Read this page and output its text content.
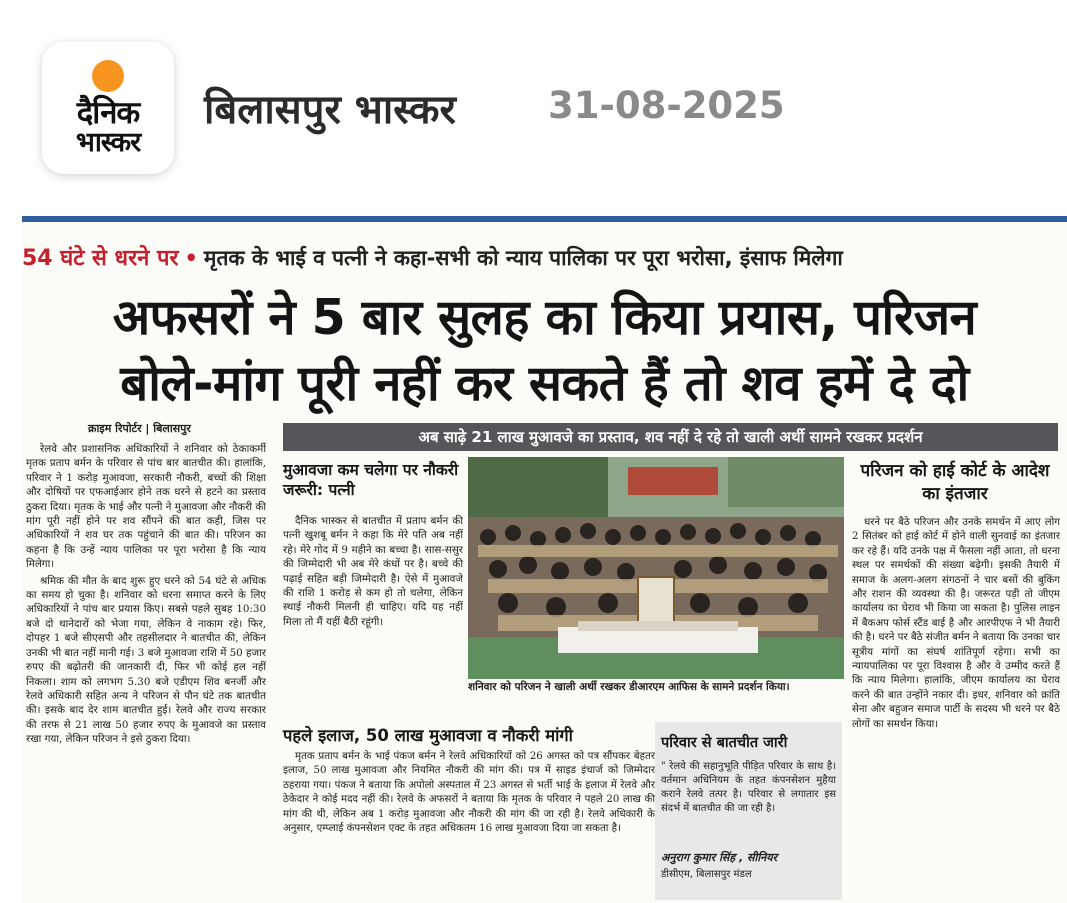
दैनिक
भास्कर
बिलासपुर भास्कर 31-08-2025
54 घंटे से धरने पर • मृतक के भाई व पत्नी ने कहा-सभी को न्याय पालिका पर पूरा भरोसा, इंसाफ मिलेगा
अफसरों ने 5 बार सुलह का किया प्रयास, परिजन
बोले-मांग पूरी नहीं कर सकते हैं तो शव हमें दे दो
क्राइम रिपोर्टर | बिलासपुर

रेलवे और प्रशासनिक अधिकारियों ने शनिवार को ठेकाकर्मी मृतक प्रताप बर्मन के परिवार से पांच बार बातचीत की। हालांकि, परिवार ने 1 करोड़ मुआवजा, सरकारी नौकरी, बच्चों की शिक्षा और दोषियों पर एफआईआर होने तक धरने से हटने का प्रस्ताव ठुकरा दिया। मृतक के भाई और पत्नी ने मुआवजा और नौकरी की मांग पूरी नहीं होने पर शव सौंपने की बात कही, जिस पर अधिकारियों ने शव घर तक पहुंचाने की बात की। परिजन का कहना है कि उन्हें न्याय पालिका पर पूरा भरोसा है कि न्याय मिलेगा।

श्रमिक की मौत के बाद शुरू हुए धरने को 54 घंटे से अधिक का समय हो चुका है। शनिवार को धरना समाप्त करने के लिए अधिकारियों ने पांच बार प्रयास किए। सबसे पहले सुबह 10:30 बजे दो थानेदारों को भेजा गया, लेकिन वे नाकाम रहे। फिर, दोपहर 1 बजे सीएसपी और तहसीलदार ने बातचीत की, लेकिन उनकी भी बात नहीं मानी गई। 3 बजे मुआवजा राशि में 50 हजार रुपए की बढ़ोतरी की जानकारी दी, फिर भी कोई हल नहीं निकला। शाम को लगभग 5.30 बजे एडीएम शिव बनर्जी और रेलवे अधिकारी सहित अन्य ने परिजन से पौन घंटे तक बातचीत की। इसके बाद देर शाम बातचीत हुई। रेलवे और राज्य सरकार की तरफ से 21 लाख 50 हजार रुपए के मुआवजे का प्रस्ताव रखा गया, लेकिन परिजन ने इसे ठुकरा दिया।

अब साढ़े 21 लाख मुआवजे का प्रस्ताव, शव नहीं दे रहे तो खाली अर्थी सामने रखकर प्रदर्शन
मुआवजा कम चलेगा पर नौकरी जरूरी: पत्नी
दैनिक भास्कर से बातचीत में प्रताप बर्मन की पत्नी खुशबू बर्मन ने कहा कि मेरे पति अब नहीं रहे। मेरे गोद में 9 महीने का बच्चा है। सास-ससुर की जिम्मेदारी भी अब मेरे कंधों पर है। बच्चे की पढ़ाई सहित बड़ी जिम्मेदारी है। ऐसे में मुआवजे की राशि 1 करोड़ से कम हो तो चलेगा, लेकिन स्थाई नौकरी मिलनी ही चाहिए। यदि यह नहीं मिला तो मैं यहीं बैठी रहूंगी।
शनिवार को परिजन ने खाली अर्थी रखकर डीआरएम आफिस के सामने प्रदर्शन किया।
परिजन को हाई कोर्ट के आदेश का इंतजार
धरने पर बैठे परिजन और उनके समर्थन में आए लोग 2 सितंबर को हाई कोर्ट में होने वाली सुनवाई का इंतजार कर रहे हैं। यदि उनके पक्ष में फैसला नहीं आता, तो धरना स्थल पर समर्थकों की संख्या बढ़ेगी। इसकी तैयारी में समाज के अलग-अलग संगठनों ने चार बसों की बुकिंग और राशन की व्यवस्था की है। जरूरत पड़ी तो जीएम कार्यालय का घेराव भी किया जा सकता है। पुलिस लाइन में बैकअप फोर्स स्टैंड बाई है और आरपीएफ ने भी तैयारी की है। धरने पर बैठे संजीत बर्मन ने बताया कि उनका चार सूत्रीय मांगों का संघर्ष शांतिपूर्ण रहेगा। सभी का न्यायपालिका पर पूरा विश्वास है और वे उम्मीद करते हैं कि न्याय मिलेगा। हालांकि, जीएम कार्यालय का घेराव करने की बात उन्होंने नकार दी। इधर, शनिवार को क्रांति सेना और बहुजन समाज पार्टी के सदस्य भी धरने पर बैठे लोगों का समर्थन किया।
पहले इलाज, 50 लाख मुआवजा व नौकरी मांगी
मृतक प्रताप बर्मन के भाई पंकज बर्मन ने रेलवे अधिकारियों को 26 अगस्त को पत्र सौंपकर बेहतर इलाज, 50 लाख मुआवजा और नियमित नौकरी की मांग की। पत्र में साइड इंचार्ज को जिम्मेदार ठहराया गया। पंकज ने बताया कि अपोलो अस्पताल में 23 अगस्त से भर्ती भाई के इलाज में रेलवे और ठेकेदार ने कोई मदद नहीं की। रेलवे के अफसरों ने बताया कि मृतक के परिवार ने पहले 20 लाख की मांग की थी, लेकिन अब 1 करोड़ मुआवजा और नौकरी की मांग की जा रही है। रेलवे अधिकारी के अनुसार, एम्प्लाई कंपनसेशन एक्ट के तहत अधिकतम 16 लाख मुआवजा दिया जा सकता है।
परिवार से बातचीत जारी
" रेलवे की सहानुभूति पीड़ित परिवार के साथ है। वर्तमान अधिनियम के तहत कंपनसेशन मुहैया कराने रेलवे तत्पर है। परिवार से लगातार इस संदर्भ में बातचीत की जा रही है।
अनुराग कुमार सिंह , सीनियर
डीसीएम, बिलासपुर मंडल
